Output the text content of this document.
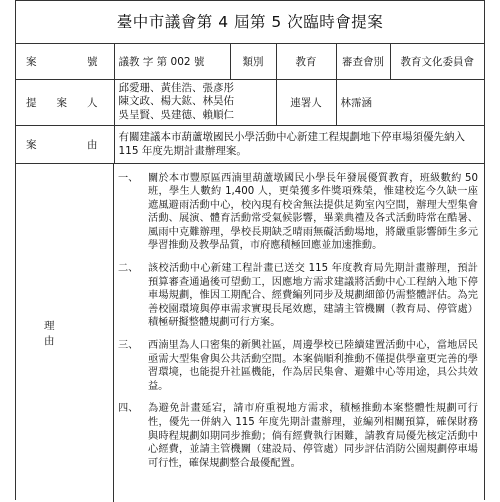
臺中市議會第 4 屆第 5 次臨時會提案
案 號	議教 字 第 002 號	類別	教育	審查會別	教育文化委員會
提 案 人	邱愛珊、黃佳浩、張彥彤
陳文政、楊大鈜、林昊佑
吳呈賢、吳建德、賴順仁		連署人	林霈涵	
案 由	有關建議本市葫蘆墩國民小學活動中心新建工程規劃地下停車場須優先納入 115 年度先期計畫辦理案。				
理由
一、 關於本市豐原區西湳里葫蘆墩國民小學長年發展優質教育，班級數約 50 班，學生人數約 1,400 人，更榮獲多件獎項殊榮，惟建校迄今久缺一座遮風避雨活動中心，校內現有校舍無法提供足夠室內空間，辦理大型集會活動、展演、體育活動常受氣候影響，畢業典禮及各式活動時常在酷暑、風雨中克難辦理，學校長期缺乏晴雨無礙活動場地，將嚴重影響師生多元學習推動及教學品質，市府應積極回應並加速推動。
二、 該校活動中心新建工程計畫已送交 115 年度教育局先期計畫辦理，預計預算審查通過後可望動工，因應地方需求建議將活動中心工程納入地下停車場規劃，惟因工期配合、經費編列同步及規劃細節仍需整體評估。為完善校園環境與停車需求實現長尾效應，建請主管機關（教育局、停管處）積極研擬整體規劃可行方案。
三、 西湳里為人口密集的新興社區，周邊學校已陸續建置活動中心，當地居民亟需大型集會與公共活動空間。本案倘順利推動不僅提供學童更完善的學習環境，也能提升社區機能，作為居民集會、避難中心等用途，具公共效益。
四、 為避免計畫延宕，請市府重視地方需求，積極推動本案整體性規劃可行性，優先一併納入 115 年度先期計畫辦理，並編列相關預算，確保財務與時程規劃如期同步推動；倘有經費執行困難，請教育局優先核定活動中心經費，並請主管機關（建設局、停管處）同步評估消防公園規劃停車場可行性，確保規劃整合最優配置。
